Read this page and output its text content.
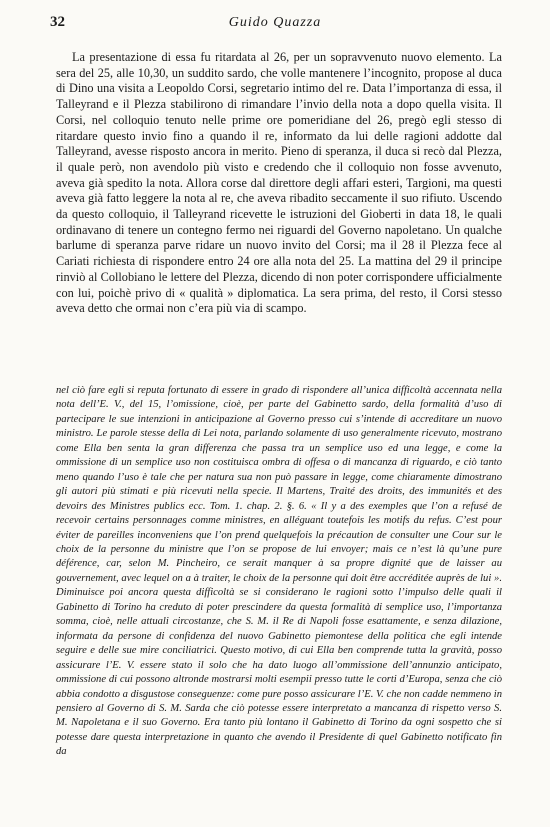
32	Guido Quazza

La presentazione di essa fu ritardata al 26, per un sopravvenuto nuovo elemento. La sera del 25, alle 10,30, un suddito sardo, che volle mantenere l’incognito, propose al duca di Dino una visita a Leopoldo Corsi, segretario intimo del re. Data l’importanza di essa, il Talleyrand e il Plezza stabilirono di rimandare l’invio della nota a dopo quella visita. Il Corsi, nel colloquio tenuto nelle prime ore pomeridiane del 26, pregò egli stesso di ritardare questo invio fino a quando il re, informato da lui delle ragioni addotte dal Talleyrand, avesse risposto ancora in merito. Pieno di speranza, il duca si recò dal Plezza, il quale però, non avendolo più visto e credendo che il colloquio non fosse avvenuto, aveva già spedito la nota. Allora corse dal direttore degli affari esteri, Targioni, ma questi aveva già fatto leggere la nota al re, che aveva ribadito seccamente il suo rifiuto. Uscendo da questo colloquio, il Talleyrand ricevette le istruzioni del Gioberti in data 18, le quali ordinavano di tenere un contegno fermo nei riguardi del Governo napoletano. Un qualche barlume di speranza parve ridare un nuovo invito del Corsi; ma il 28 il Plezza fece al Cariati richiesta di rispondere entro 24 ore alla nota del 25. La mattina del 29 il principe rinviò al Collobiano le lettere del Plezza, dicendo di non poter corrispondere ufficialmente con lui, poichè privo di « qualità » diplomatica. La sera prima, del resto, il Corsi stesso aveva detto che ormai non c’era più via di scampo.

nel ciò fare egli si reputa fortunato di essere in grado di rispondere all’unica difficoltà accennata nella nota dell’E. V., del 15, l’omissione, cioè, per parte del Gabinetto sardo, della formalità d’uso di partecipare le sue intenzioni in anticipazione al Governo presso cui s’intende di accreditare un nuovo ministro. Le parole stesse della di Lei nota, parlando solamente di uso generalmente ricevuto, mostrano come Ella ben senta la gran differenza che passa tra un semplice uso ed una legge, e come la ommissione di un semplice uso non costituisca ombra di offesa o di mancanza di riguardo, e ciò tanto meno quando l’uso è tale che per natura sua non può passare in legge, come chiaramente dimostrano gli autori più stimati e più ricevuti nella specie. Il Martens, Traité des droits, des immunités et des devoirs des Ministres publics ecc. Tom. 1. chap. 2. §. 6. « Il y a des exemples que l’on a refusé de recevoir certains personnages comme ministres, en alléguant toutefois les motifs du refus. C’est pour éviter de pareilles inconveniens que l’on prend quelquefois la précaution de consulter une Cour sur le choix de la personne du ministre que l’on se propose de lui envoyer; mais ce n’est là qu’une pure déférence, car, selon M. Pincheiro, ce serait manquer à sa propre dignité que de laisser au gouvernement, avec lequel on a à traiter, le choix de la personne qui doit être accréditée auprès de lui ». Diminuisce poi ancora questa difficoltà se si considerano le ragioni sotto l’impulso delle quali il Gabinetto di Torino ha creduto di poter prescindere da questa formalità di semplice uso, l’importanza somma, cioè, nelle attuali circostanze, che S. M. il Re di Napoli fosse esattamente, e senza dilazione, informata da persone di confidenza del nuovo Gabinetto piemontese della politica che egli intende seguire e delle sue mire conciliatrici. Questo motivo, di cui Ella ben comprende tutta la gravità, posso assicurare l’E. V. essere stato il solo che ha dato luogo all’ommissione dell’annunzio anticipato, ommissione di cui possono altronde mostrarsi molti esempii presso tutte le corti d’Europa, senza che ciò abbia condotto a disgustose conseguenze: come pure posso assicurare l’E. V. che non cadde nemmeno in pensiero al Governo di S. M. Sarda che ciò potesse essere interpretato a mancanza di rispetto verso S. M. Napoletana e il suo Governo. Era tanto più lontano il Gabinetto di Torino da ogni sospetto che si potesse dare questa interpretazione in quanto che avendo il Presidente di quel Gabinetto notificato fin da
